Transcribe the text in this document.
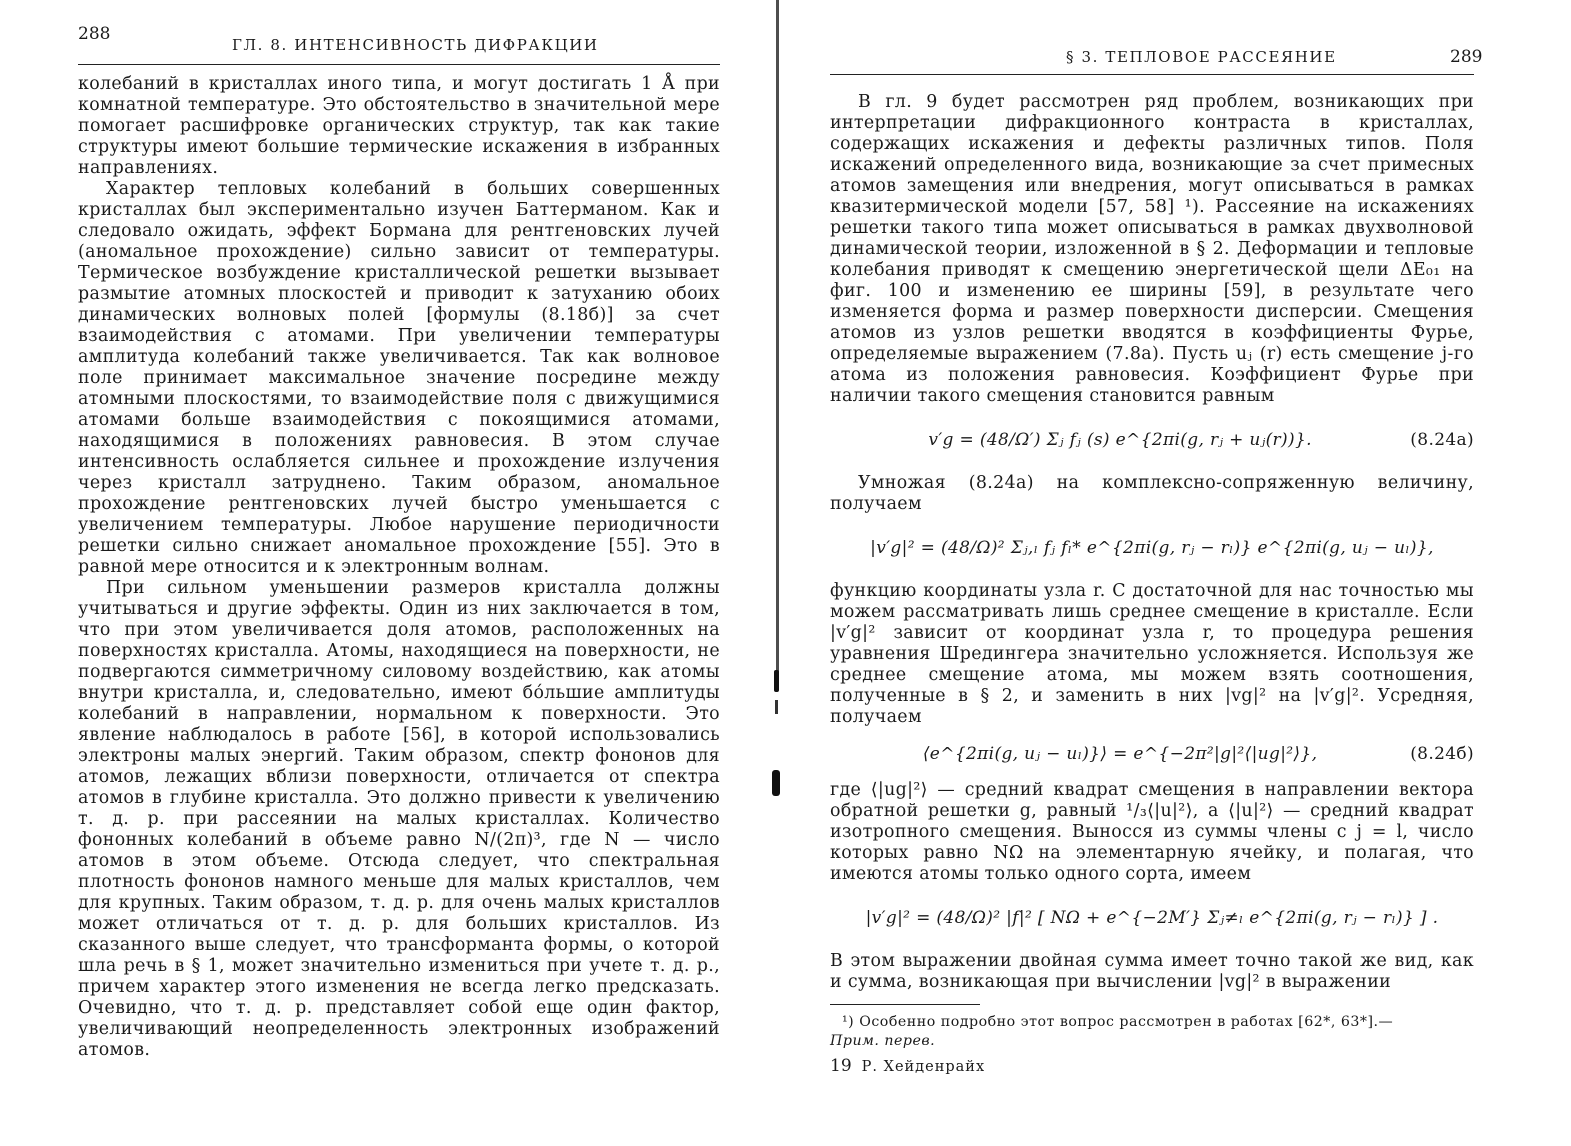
288
ГЛ. 8. ИНТЕНСИВНОСТЬ ДИФРАКЦИИ

колебаний в кристаллах иного типа, и могут достигать 1 Å при комнатной температуре. Это обстоятельство в значительной мере помогает расшифровке органических структур, так как такие структуры имеют большие термические искажения в избранных направлениях.

Характер тепловых колебаний в больших совершенных кристаллах был экспериментально изучен Баттерманом. Как и следовало ожидать, эффект Бормана для рентгеновских лучей (аномальное прохождение) сильно зависит от температуры. Термическое возбуждение кристаллической решетки вызывает размытие атомных плоскостей и приводит к затуханию обоих динамических волновых полей [формулы (8.18б)] за счет взаимодействия с атомами. При увеличении температуры амплитуда колебаний также увеличивается. Так как волновое поле принимает максимальное значение посредине между атомными плоскостями, то взаимодействие поля с движущимися атомами больше взаимодействия с покоящимися атомами, находящимися в положениях равновесия. В этом случае интенсивность ослабляется сильнее и прохождение излучения через кристалл затруднено. Таким образом, аномальное прохождение рентгеновских лучей быстро уменьшается с увеличением температуры. Любое нарушение периодичности решетки сильно снижает аномальное прохождение [55]. Это в равной мере относится и к электронным волнам.

При сильном уменьшении размеров кристалла должны учитываться и другие эффекты. Один из них заключается в том, что при этом увеличивается доля атомов, расположенных на поверхностях кристалла. Атомы, находящиеся на поверхности, не подвергаются симметричному силовому воздействию, как атомы внутри кристалла, и, следовательно, имеют бо́льшие амплитуды колебаний в направлении, нормальном к поверхности. Это явление наблюдалось в работе [56], в которой использовались электроны малых энергий. Таким образом, спектр фононов для атомов, лежащих вблизи поверхности, отличается от спектра атомов в глубине кристалла. Это должно привести к увеличению т. д. р. при рассеянии на малых кристаллах. Количество фононных колебаний в объеме равно N/(2π)³, где N — число атомов в этом объеме. Отсюда следует, что спектральная плотность фононов намного меньше для малых кристаллов, чем для крупных. Таким образом, т. д. р. для очень малых кристаллов может отличаться от т. д. р. для больших кристаллов. Из сказанного выше следует, что трансформанта формы, о которой шла речь в § 1, может значительно измениться при учете т. д. р., причем характер этого изменения не всегда легко предсказать. Очевидно, что т. д. р. представляет собой еще один фактор, увеличивающий неопределенность электронных изображений атомов.

§ 3. ТЕПЛОВОЕ РАССЕЯНИЕ	289

В гл. 9 будет рассмотрен ряд проблем, возникающих при интерпретации дифракционного контраста в кристаллах, содержащих искажения и дефекты различных типов. Поля искажений определенного вида, возникающие за счет примесных атомов замещения или внедрения, могут описываться в рамках квазитермической модели [57, 58] ¹). Рассеяние на искажениях решетки такого типа может описываться в рамках двухволновой динамической теории, изложенной в § 2. Деформации и тепловые колебания приводят к смещению энергетической щели ΔE₀₁ на фиг. 100 и изменению ее ширины [59], в результате чего изменяется форма и размер поверхности дисперсии. Смещения атомов из узлов решетки вводятся в коэффициенты Фурье, определяемые выражением (7.8а). Пусть uⱼ (r) есть смещение j-го атома из положения равновесия. Коэффициент Фурье при наличии такого смещения становится равным

v′g = (48/Ω′) Σⱼ fⱼ (s) e^{2πi(g, rⱼ + uⱼ(r))}.	(8.24а)

Умножая (8.24а) на комплексно-сопряженную величину, получаем

|v′g|² = (48/Ω)² Σⱼ,ₗ fⱼ fₗ* e^{2πi(g, rⱼ − rₗ)} e^{2πi(g, uⱼ − uₗ)},

функцию координаты узла r. С достаточной для нас точностью мы можем рассматривать лишь среднее смещение в кристалле. Если |v′g|² зависит от координат узла r, то процедура решения уравнения Шредингера значительно усложняется. Используя же среднее смещение атома, мы можем взять соотношения, полученные в § 2, и заменить в них |vg|² на |v′g|². Усредняя, получаем

⟨e^{2πi(g, uⱼ − uₗ)}⟩ = e^{−2π²|g|²⟨|ug|²⟩},	(8.24б)

где ⟨|ug|²⟩ — средний квадрат смещения в направлении вектора обратной решетки g, равный ¹/₃⟨|u|²⟩, а ⟨|u|²⟩ — средний квадрат изотропного смещения. Выносся из суммы члены с j = l, число которых равно NΩ на элементарную ячейку, и полагая, что имеются атомы только одного сорта, имеем

|v′g|² = (48/Ω)² |f|² [ NΩ + e^{−2M′} Σⱼ≠ₗ e^{2πi(g, rⱼ − rₗ)} ] .

В этом выражении двойная сумма имеет точно такой же вид, как и сумма, возникающая при вычислении |vg|² в выражении

¹) Особенно подробно этот вопрос рассмотрен в работах [62*, 63*].—
Прим. перев.
19 Р. Хейденрайх
